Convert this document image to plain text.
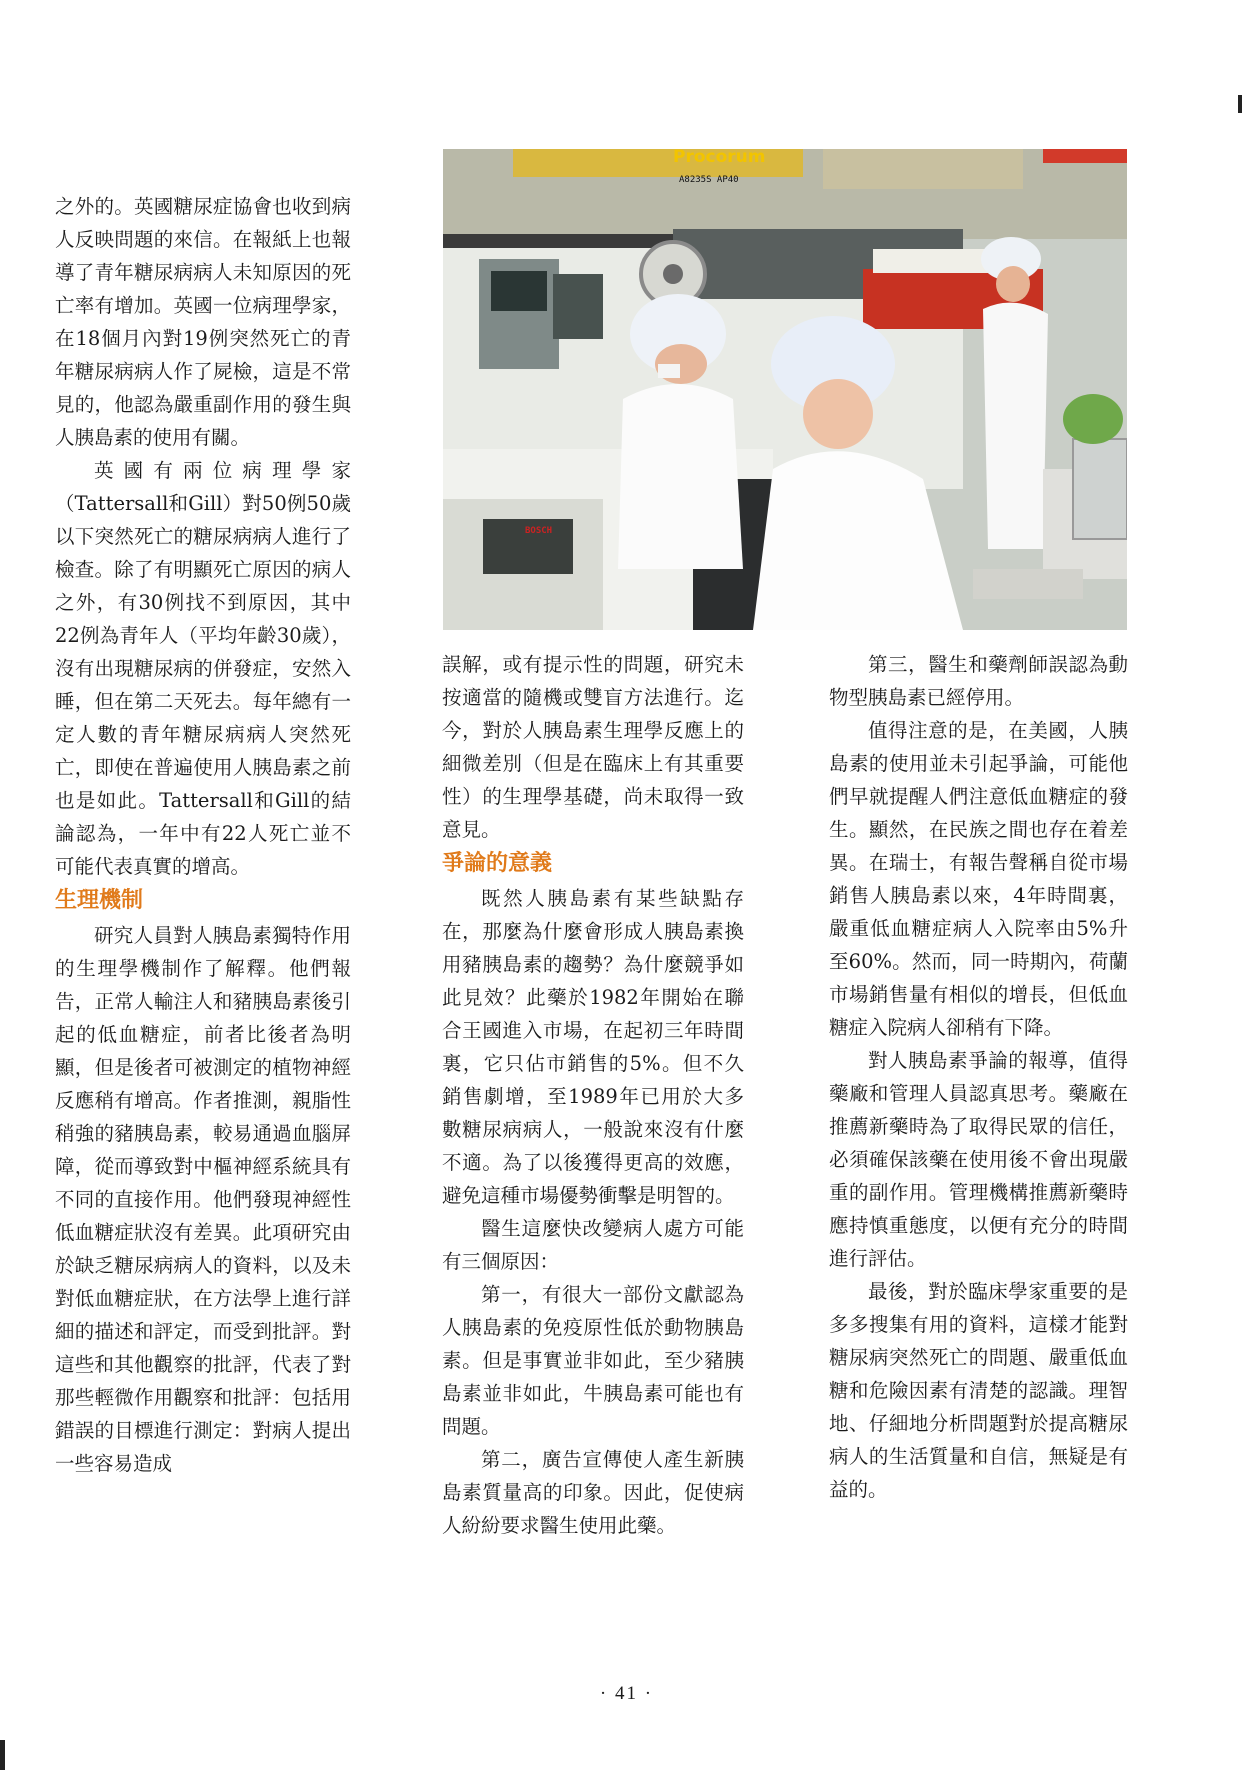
Procorum
A8235S AP40
BOSCH

之外的。英國糖尿症協會也收到病人反映問題的來信。在報紙上也報導了青年糖尿病病人未知原因的死亡率有增加。英國一位病理學家，在18個月內對19例突然死亡的青年糖尿病病人作了屍檢，這是不常見的，他認為嚴重副作用的發生與人胰島素的使用有關。

英國有兩位病理學家（Tattersall和Gill）對50例50歲以下突然死亡的糖尿病病人進行了檢查。除了有明顯死亡原因的病人之外，有30例找不到原因，其中22例為青年人（平均年齡30歲），沒有出現糖尿病的併發症，安然入睡，但在第二天死去。每年總有一定人數的青年糖尿病病人突然死亡，即使在普遍使用人胰島素之前也是如此。Tattersall和Gill的結論認為，一年中有22人死亡並不可能代表真實的增高。

生理機制

研究人員對人胰島素獨特作用的生理學機制作了解釋。他們報告，正常人輸注人和豬胰島素後引起的低血糖症，前者比後者為明顯，但是後者可被測定的植物神經反應稍有增高。作者推測，親脂性稍強的豬胰島素，較易通過血腦屏障，從而導致對中樞神經系統具有不同的直接作用。他們發現神經性低血糖症狀沒有差異。此項研究由於缺乏糖尿病病人的資料，以及未對低血糖症狀，在方法學上進行詳細的描述和評定，而受到批評。對這些和其他觀察的批評，代表了對那些輕微作用觀察和批評：包括用錯誤的目標進行測定：對病人提出一些容易造成

誤解，或有提示性的問題，研究未按適當的隨機或雙盲方法進行。迄今，對於人胰島素生理學反應上的細微差別（但是在臨床上有其重要性）的生理學基礎，尚未取得一致意見。

爭論的意義

既然人胰島素有某些缺點存在，那麼為什麼會形成人胰島素換用豬胰島素的趨勢？為什麼競爭如此見效？此藥於1982年開始在聯合王國進入市場，在起初三年時間裏，它只佔市銷售的5%。但不久銷售劇增，至1989年已用於大多數糖尿病病人，一般說來沒有什麼不適。為了以後獲得更高的效應，避免這種市場優勢衝擊是明智的。

醫生這麼快改變病人處方可能有三個原因：

第一，有很大一部份文獻認為人胰島素的免疫原性低於動物胰島素。但是事實並非如此，至少豬胰島素並非如此，牛胰島素可能也有問題。

第二，廣告宣傳使人產生新胰島素質量高的印象。因此，促使病人紛紛要求醫生使用此藥。

第三，醫生和藥劑師誤認為動物型胰島素已經停用。

值得注意的是，在美國，人胰島素的使用並未引起爭論，可能他們早就提醒人們注意低血糖症的發生。顯然，在民族之間也存在着差異。在瑞士，有報告聲稱自從市場銷售人胰島素以來，4年時間裏，嚴重低血糖症病人入院率由5%升至60%。然而，同一時期內，荷蘭市場銷售量有相似的增長，但低血糖症入院病人卻稍有下降。

對人胰島素爭論的報導，值得藥廠和管理人員認真思考。藥廠在推薦新藥時為了取得民眾的信任，必須確保該藥在使用後不會出現嚴重的副作用。管理機構推薦新藥時應持慎重態度，以便有充分的時間進行評估。

最後，對於臨床學家重要的是多多搜集有用的資料，這樣才能對糖尿病突然死亡的問題、嚴重低血糖和危險因素有清楚的認識。理智地、仔細地分析問題對於提高糖尿病人的生活質量和自信，無疑是有益的。

· 41 ·
